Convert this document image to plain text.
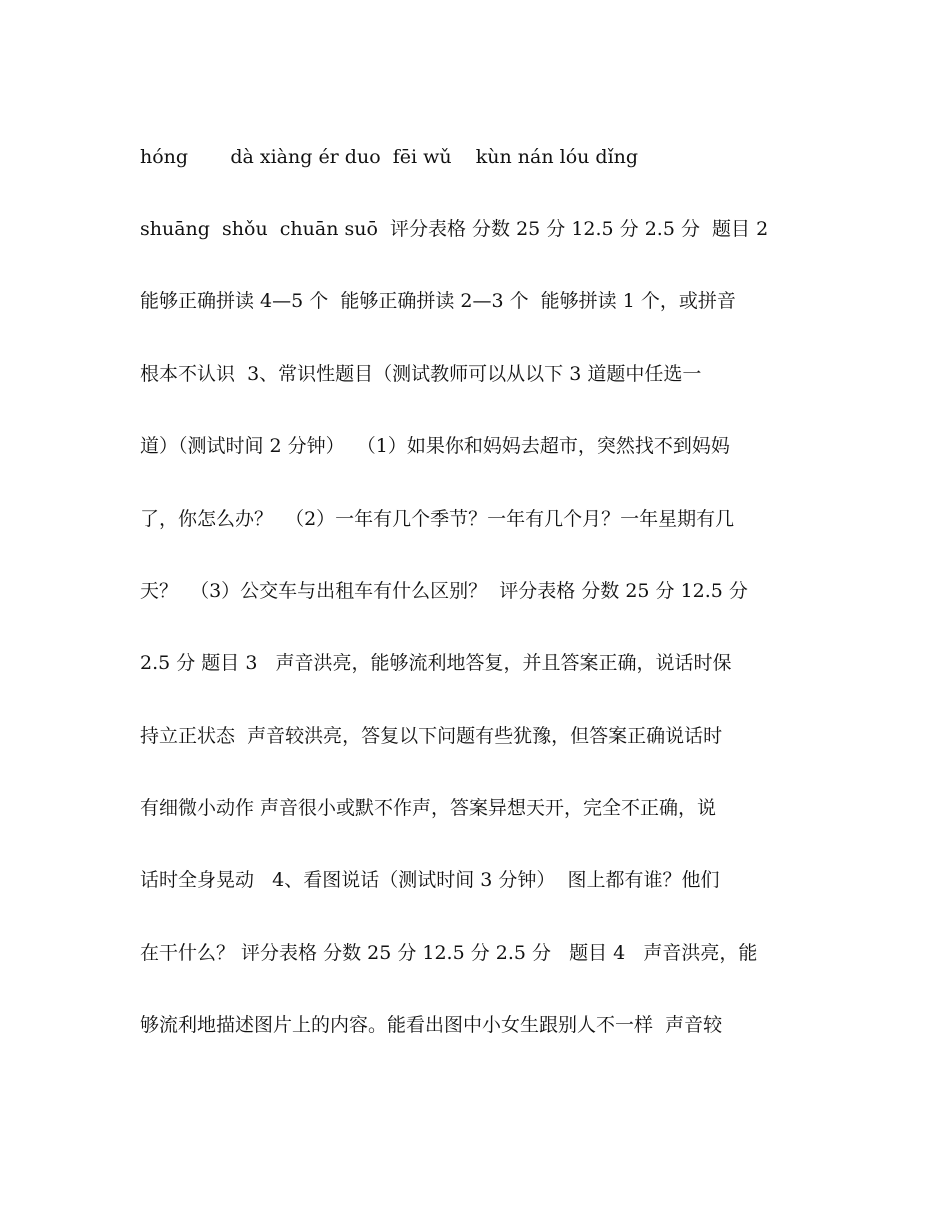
hóng       dà xiàng ér duo  fēi wǔ    kùn nán lóu dǐng
shuāng  shǒu  chuān suō  评分表格 分数 25 分 12.5 分 2.5 分  题目 2
能够正确拼读 4—5 个  能够正确拼读 2—3 个  能够拼读 1 个，或拼音
根本不认识  3、常识性题目（测试教师可以从以下 3 道题中任选一
道）（测试时间 2 分钟）  （1）如果你和妈妈去超市，突然找不到妈妈
了，你怎么办？  （2）一年有几个季节？一年有几个月？一年星期有几
天？  （3）公交车与出租车有什么区别？  评分表格 分数 25 分 12.5 分
2.5 分 题目 3   声音洪亮，能够流利地答复，并且答案正确，说话时保
持立正状态  声音较洪亮，答复以下问题有些犹豫，但答案正确说话时
有细微小动作 声音很小或默不作声，答案异想天开，完全不正确，说
话时全身晃动   4、看图说话（测试时间 3 分钟）  图上都有谁？他们
在干什么？ 评分表格 分数 25 分 12.5 分 2.5 分   题目 4   声音洪亮，能
够流利地描述图片上的内容。能看出图中小女生跟别人不一样  声音较
